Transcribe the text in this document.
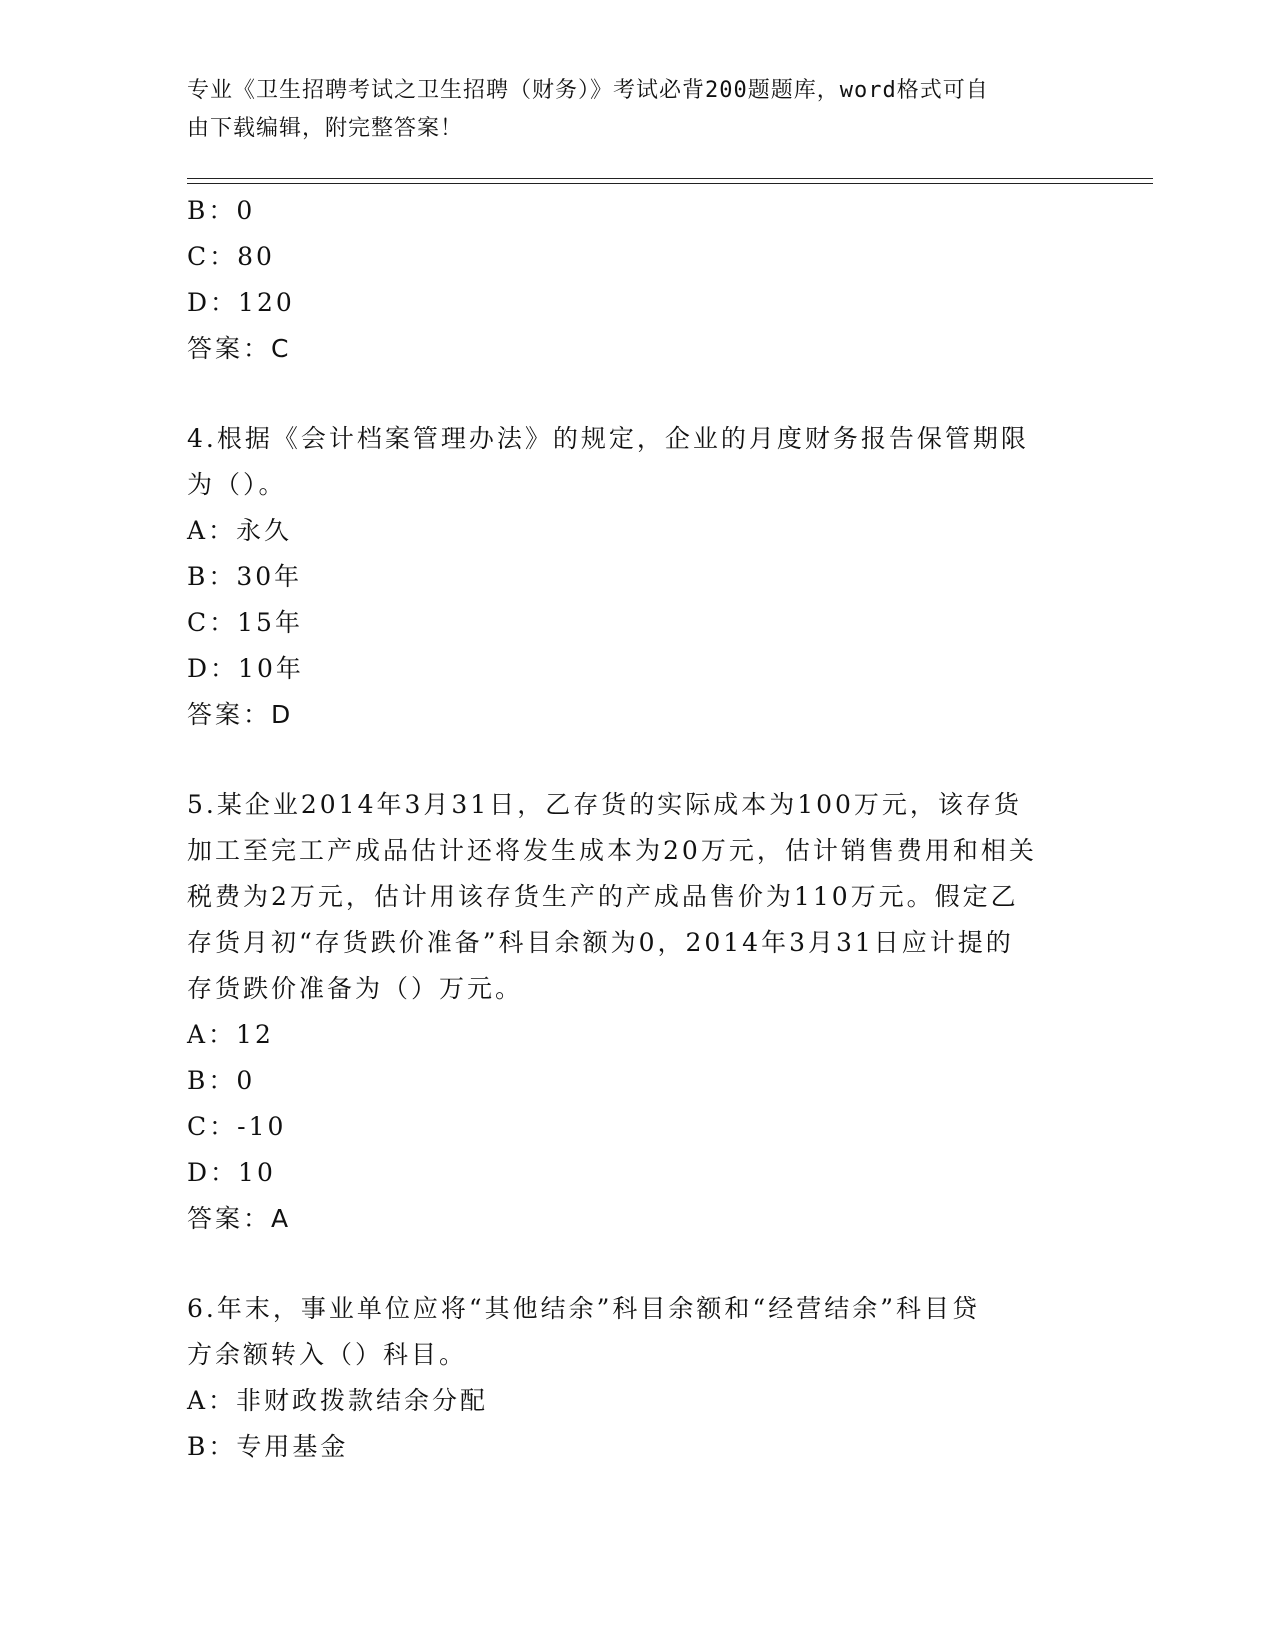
专业《卫生招聘考试之卫生招聘（财务）》考试必背200题题库，word格式可自
由下载编辑，附完整答案！
B：0
C：80
D：120
答案：C
4.根据《会计档案管理办法》的规定，企业的月度财务报告保管期限
为（）。
A：永久
B：30年
C：15年
D：10年
答案：D
5.某企业2014年3月31日，乙存货的实际成本为100万元，该存货
加工至完工产成品估计还将发生成本为20万元，估计销售费用和相关
税费为2万元，估计用该存货生产的产成品售价为110万元。假定乙
存货月初“存货跌价准备”科目余额为0，2014年3月31日应计提的
存货跌价准备为（）万元。
A：12
B：0
C：-10
D：10
答案：A
6.年末，事业单位应将“其他结余”科目余额和“经营结余”科目贷
方余额转入（）科目。
A：非财政拨款结余分配
B：专用基金
